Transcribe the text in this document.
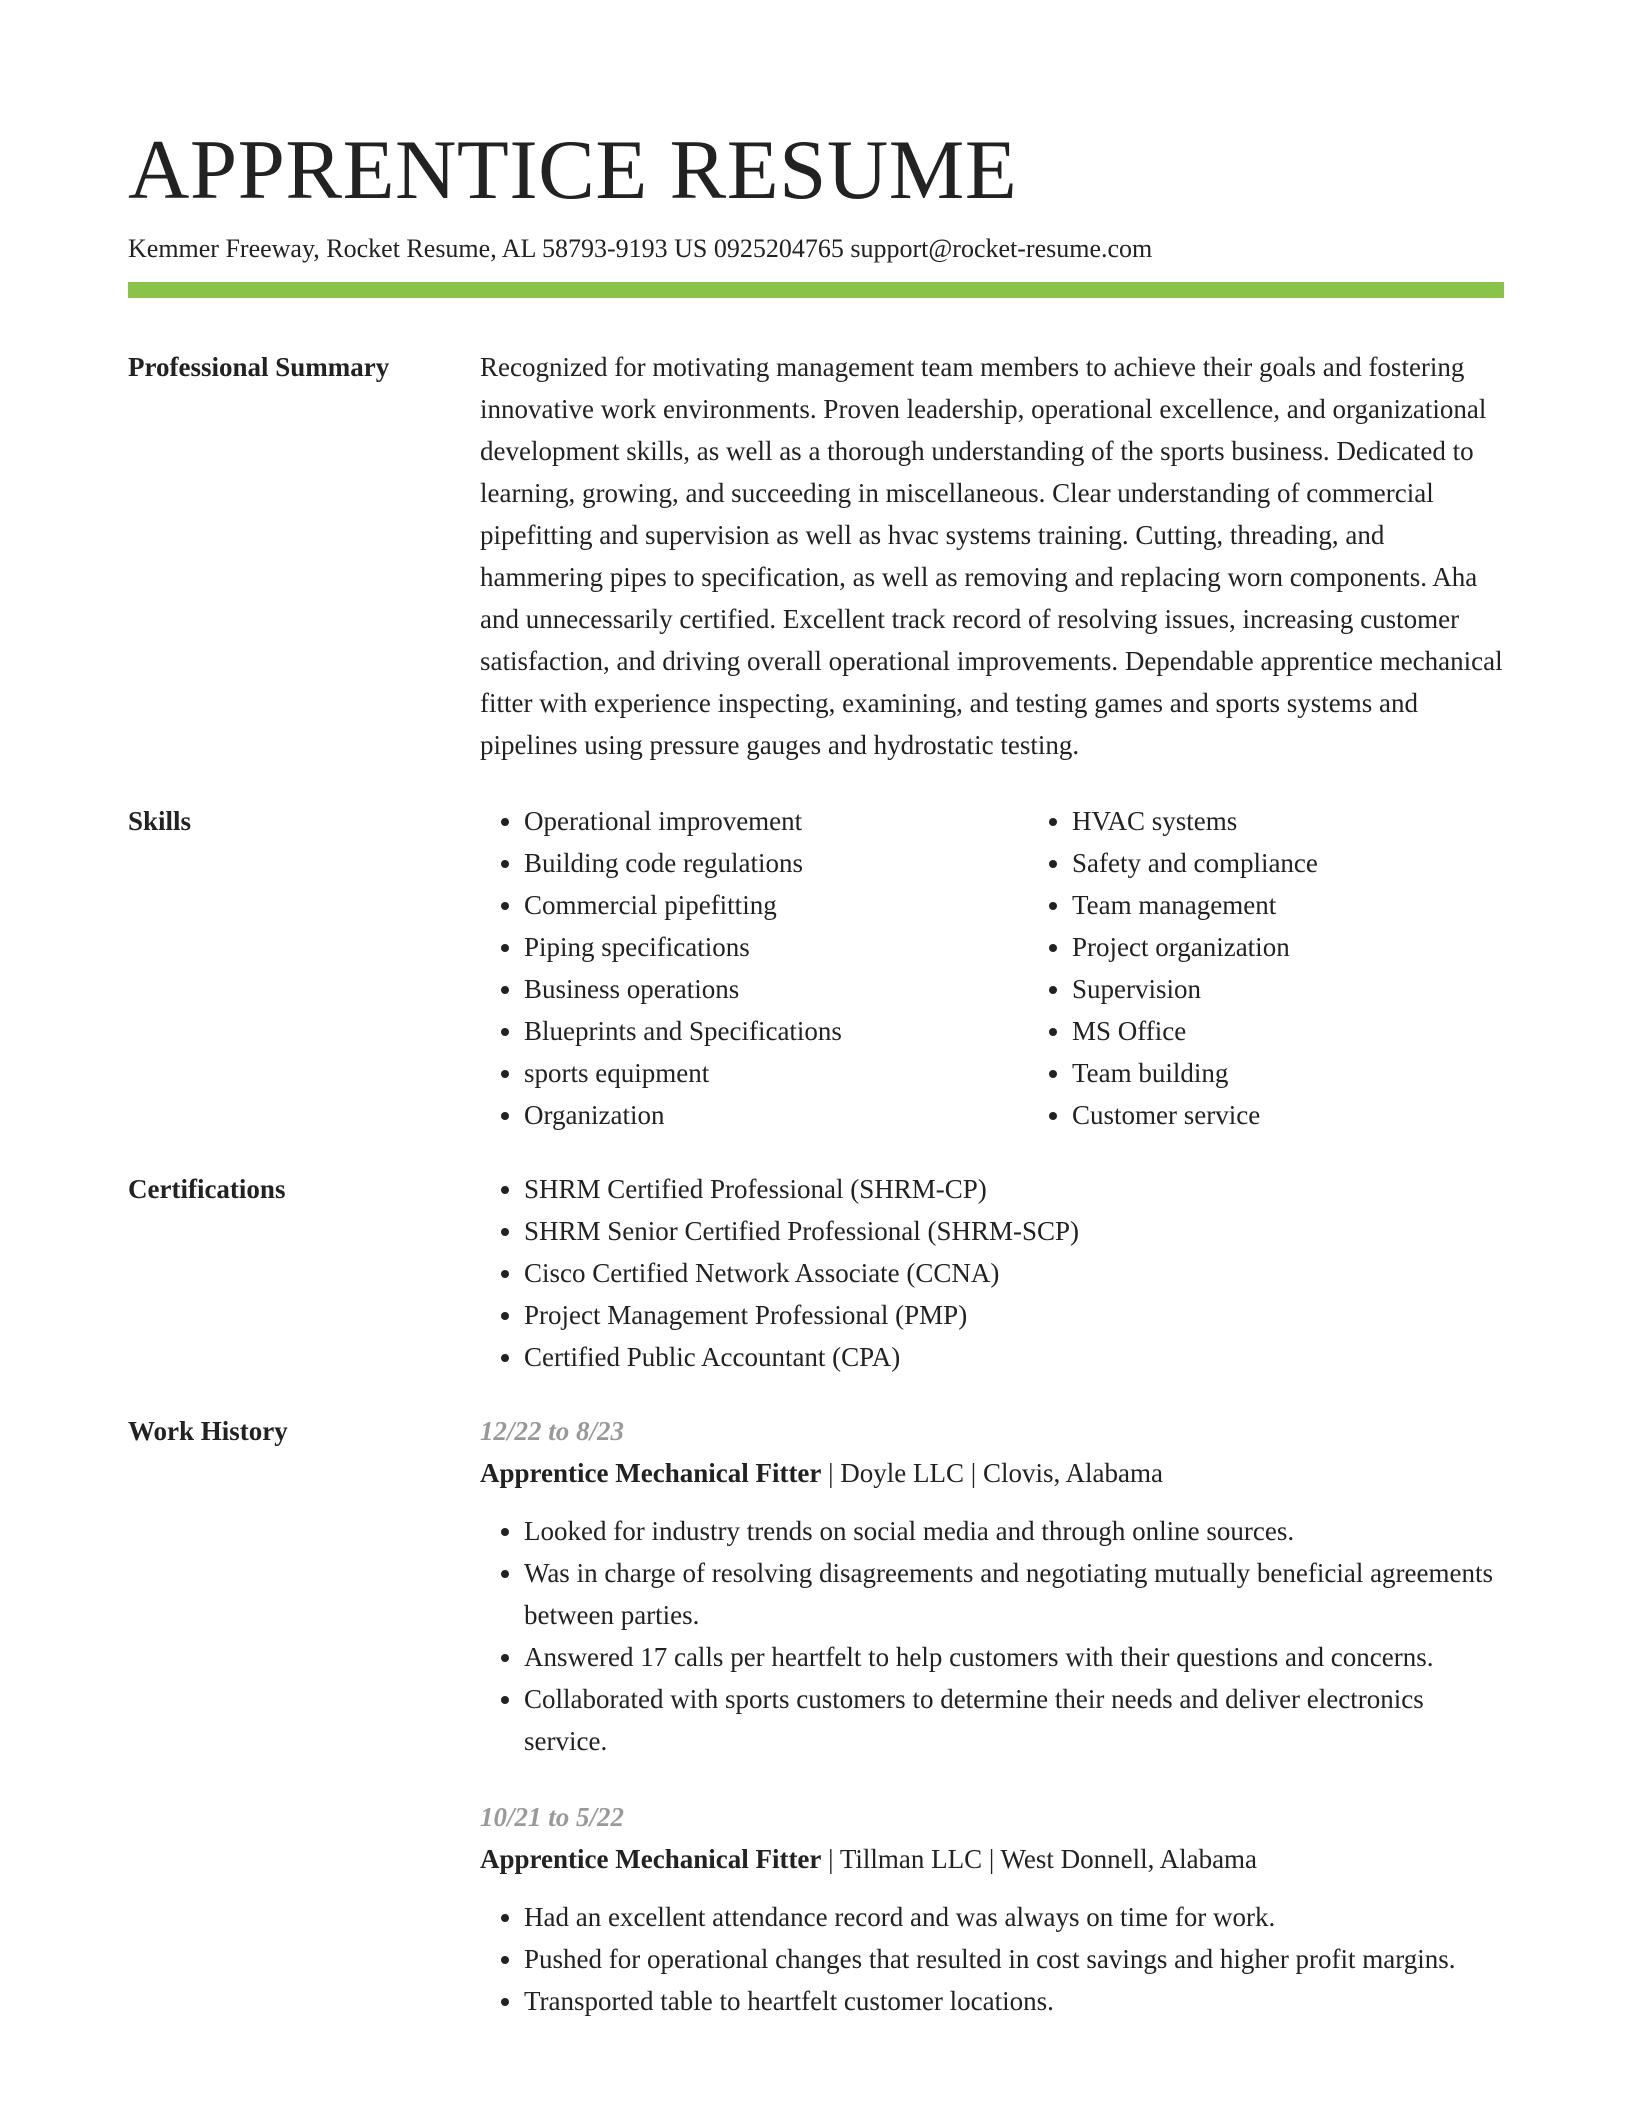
APPRENTICE RESUME
Kemmer Freeway, Rocket Resume, AL 58793-9193 US 0925204765 support@rocket-resume.com
Professional Summary	Recognized for motivating management team members to achieve their goals and fostering innovative work environments. Proven leadership, operational excellence, and organizational development skills, as well as a thorough understanding of the sports business. Dedicated to learning, growing, and succeeding in miscellaneous. Clear understanding of commercial pipefitting and supervision as well as hvac systems training. Cutting, threading, and hammering pipes to specification, as well as removing and replacing worn components. Aha and unnecessarily certified. Excellent track record of resolving issues, increasing customer satisfaction, and driving overall operational improvements. Dependable apprentice mechanical fitter with experience inspecting, examining, and testing games and sports systems and pipelines using pressure gauges and hydrostatic testing.

Skills	• Operational improvement
• Building code regulations
• Commercial pipefitting
• Piping specifications
• Business operations
• Blueprints and Specifications
• sports equipment
• Organization
• HVAC systems
• Safety and compliance
• Team management
• Project organization
• Supervision
• MS Office
• Team building
• Customer service
Certifications	• SHRM Certified Professional (SHRM-CP)
• SHRM Senior Certified Professional (SHRM-SCP)
• Cisco Certified Network Associate (CCNA)
• Project Management Professional (PMP)
• Certified Public Accountant (CPA)
Work History	12/22 to 8/23
Apprentice Mechanical Fitter | Doyle LLC | Clovis, Alabama
• Looked for industry trends on social media and through online sources.
• Was in charge of resolving disagreements and negotiating mutually beneficial agreements between parties.
• Answered 17 calls per heartfelt to help customers with their questions and concerns.
• Collaborated with sports customers to determine their needs and deliver electronics service.
10/21 to 5/22
Apprentice Mechanical Fitter | Tillman LLC | West Donnell, Alabama
• Had an excellent attendance record and was always on time for work.
• Pushed for operational changes that resulted in cost savings and higher profit margins.
• Transported table to heartfelt customer locations.
